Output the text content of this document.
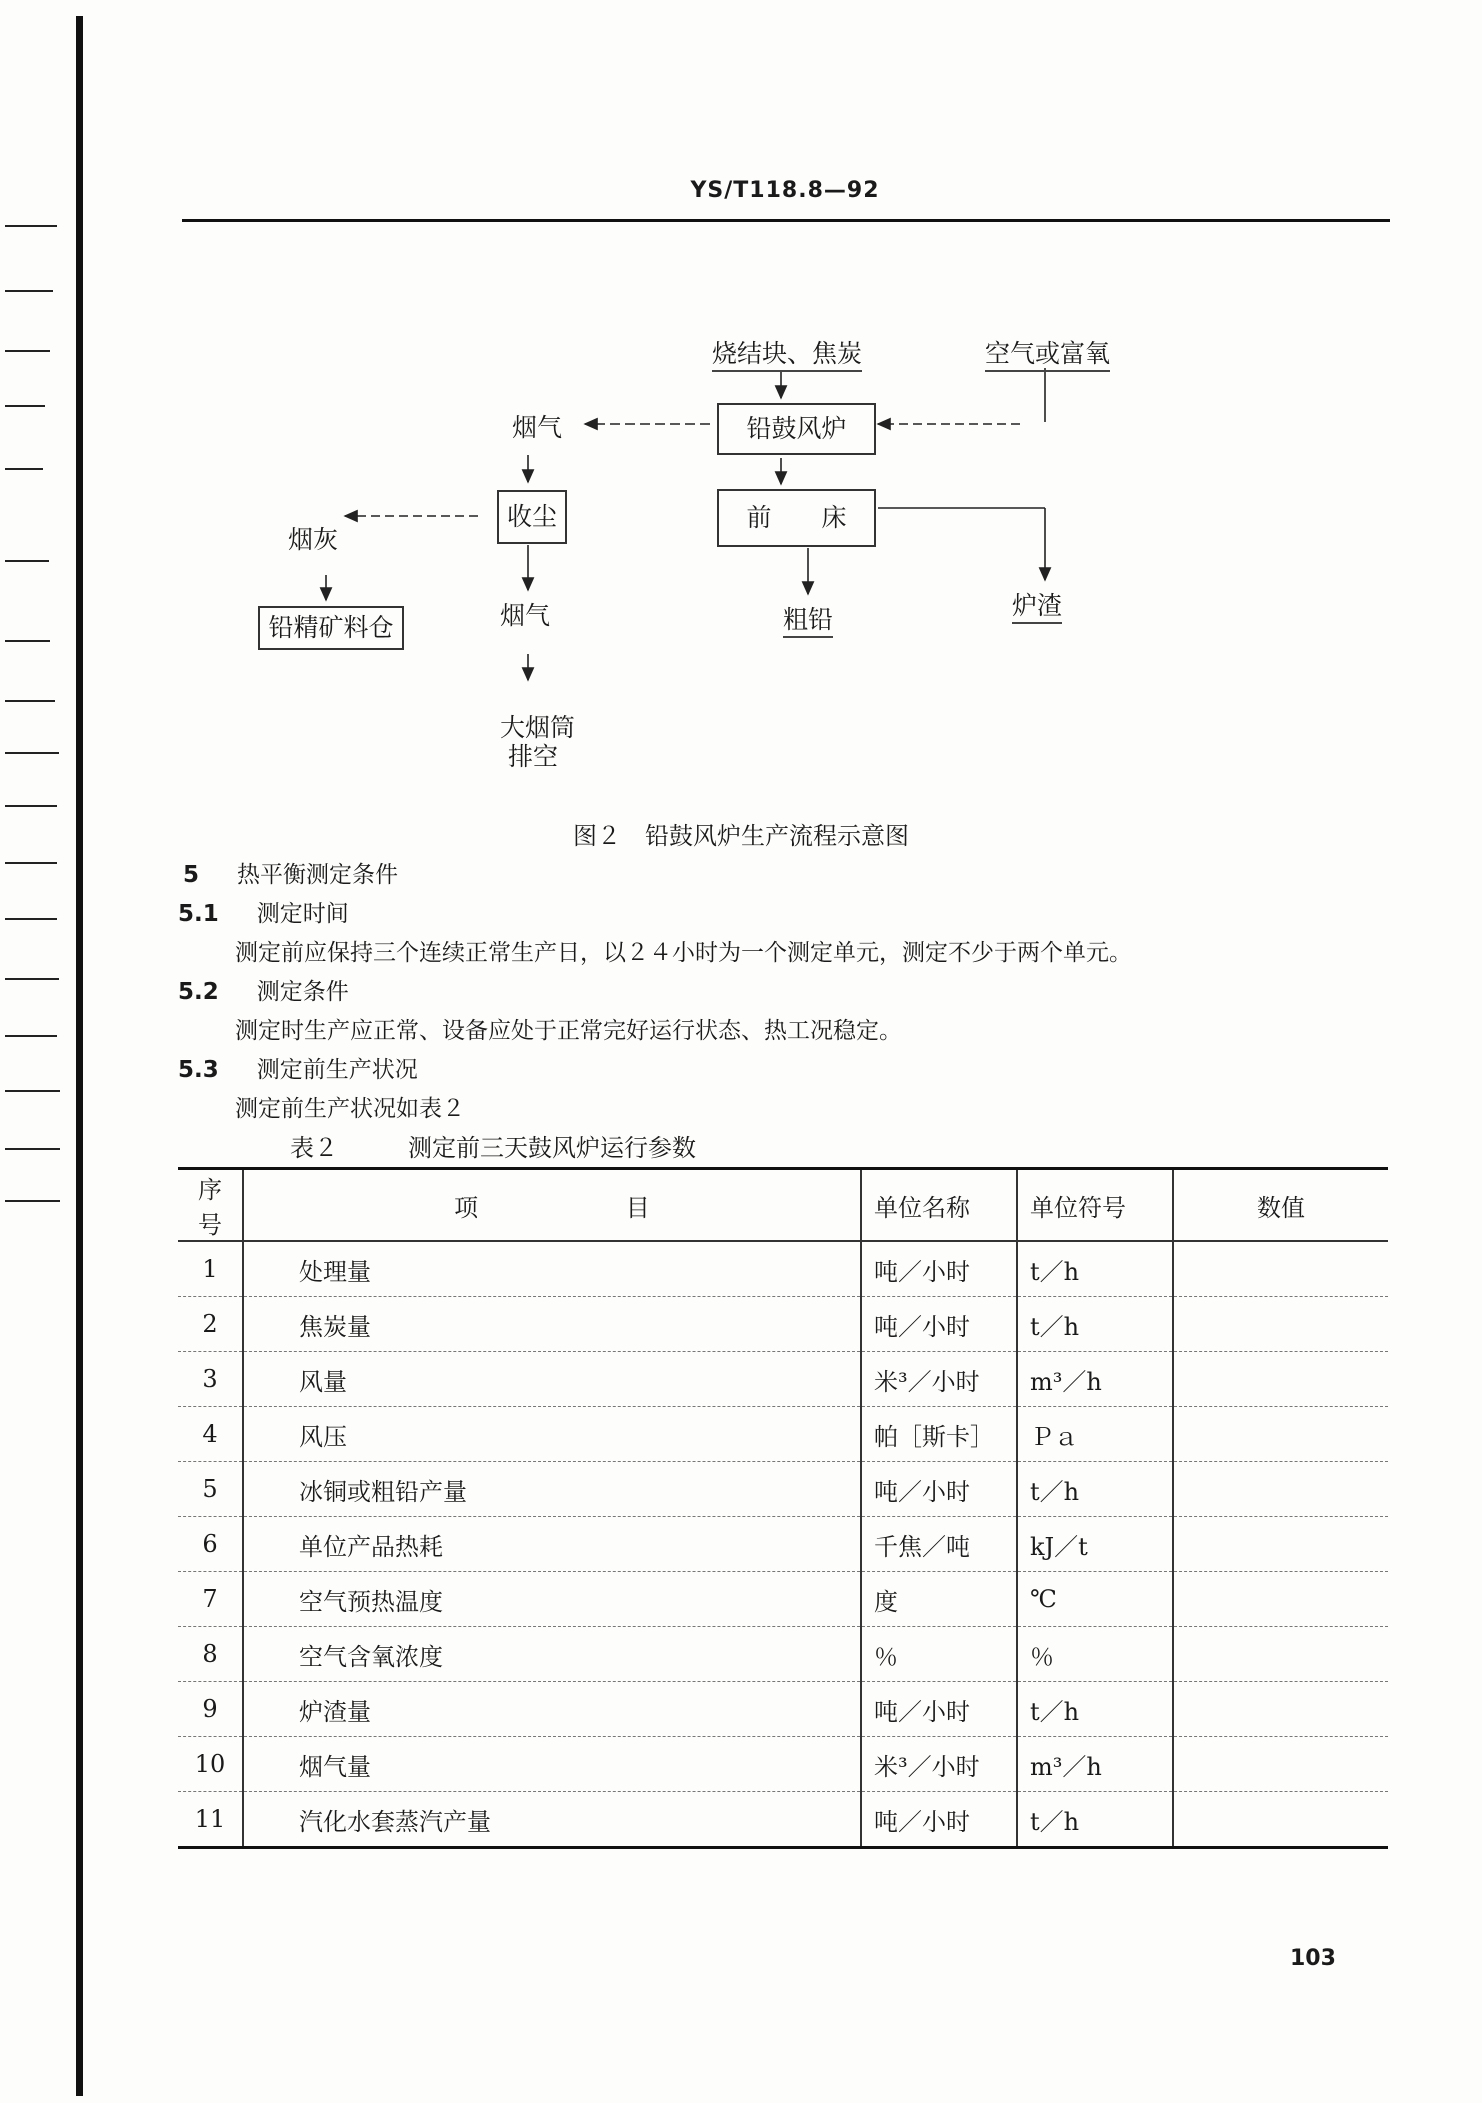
YS/T118.8—92
烧结块、焦炭	空气或富氧
铅鼓风炉
烟气
前　　床
收尘
烟灰
铅精矿料仓	烟气	粗铅	炉渣
大烟筒
排空
图２　铅鼓风炉生产流程示意图
5 热平衡测定条件
5.1 测定时间
测定前应保持三个连续正常生产日，以２４小时为一个测定单元，测定不少于两个单元。
5.2 测定条件
测定时生产应正常、设备应处于正常完好运行状态、热工况稳定。
5.3 测定前生产状况
测定前生产状况如表２
表２	测定前三天鼓风炉运行参数
序号	项 目	单位名称	单位符号	数值
1	处理量	吨／小时	t／h	
2	焦炭量	吨／小时	t／h	
3	风量	米³／小时	m³／h	
4	风压	帕［斯卡］	Ｐａ	
5	冰铜或粗铅产量	吨／小时	t／h	
6	单位产品热耗	千焦／吨	kJ／t	
7	空气预热温度	度	℃	
8	空气含氧浓度	％	％	
9	炉渣量	吨／小时	t／h	
10	烟气量	米³／小时	m³／h	
11	汽化水套蒸汽产量	吨／小时	t／h	
103
